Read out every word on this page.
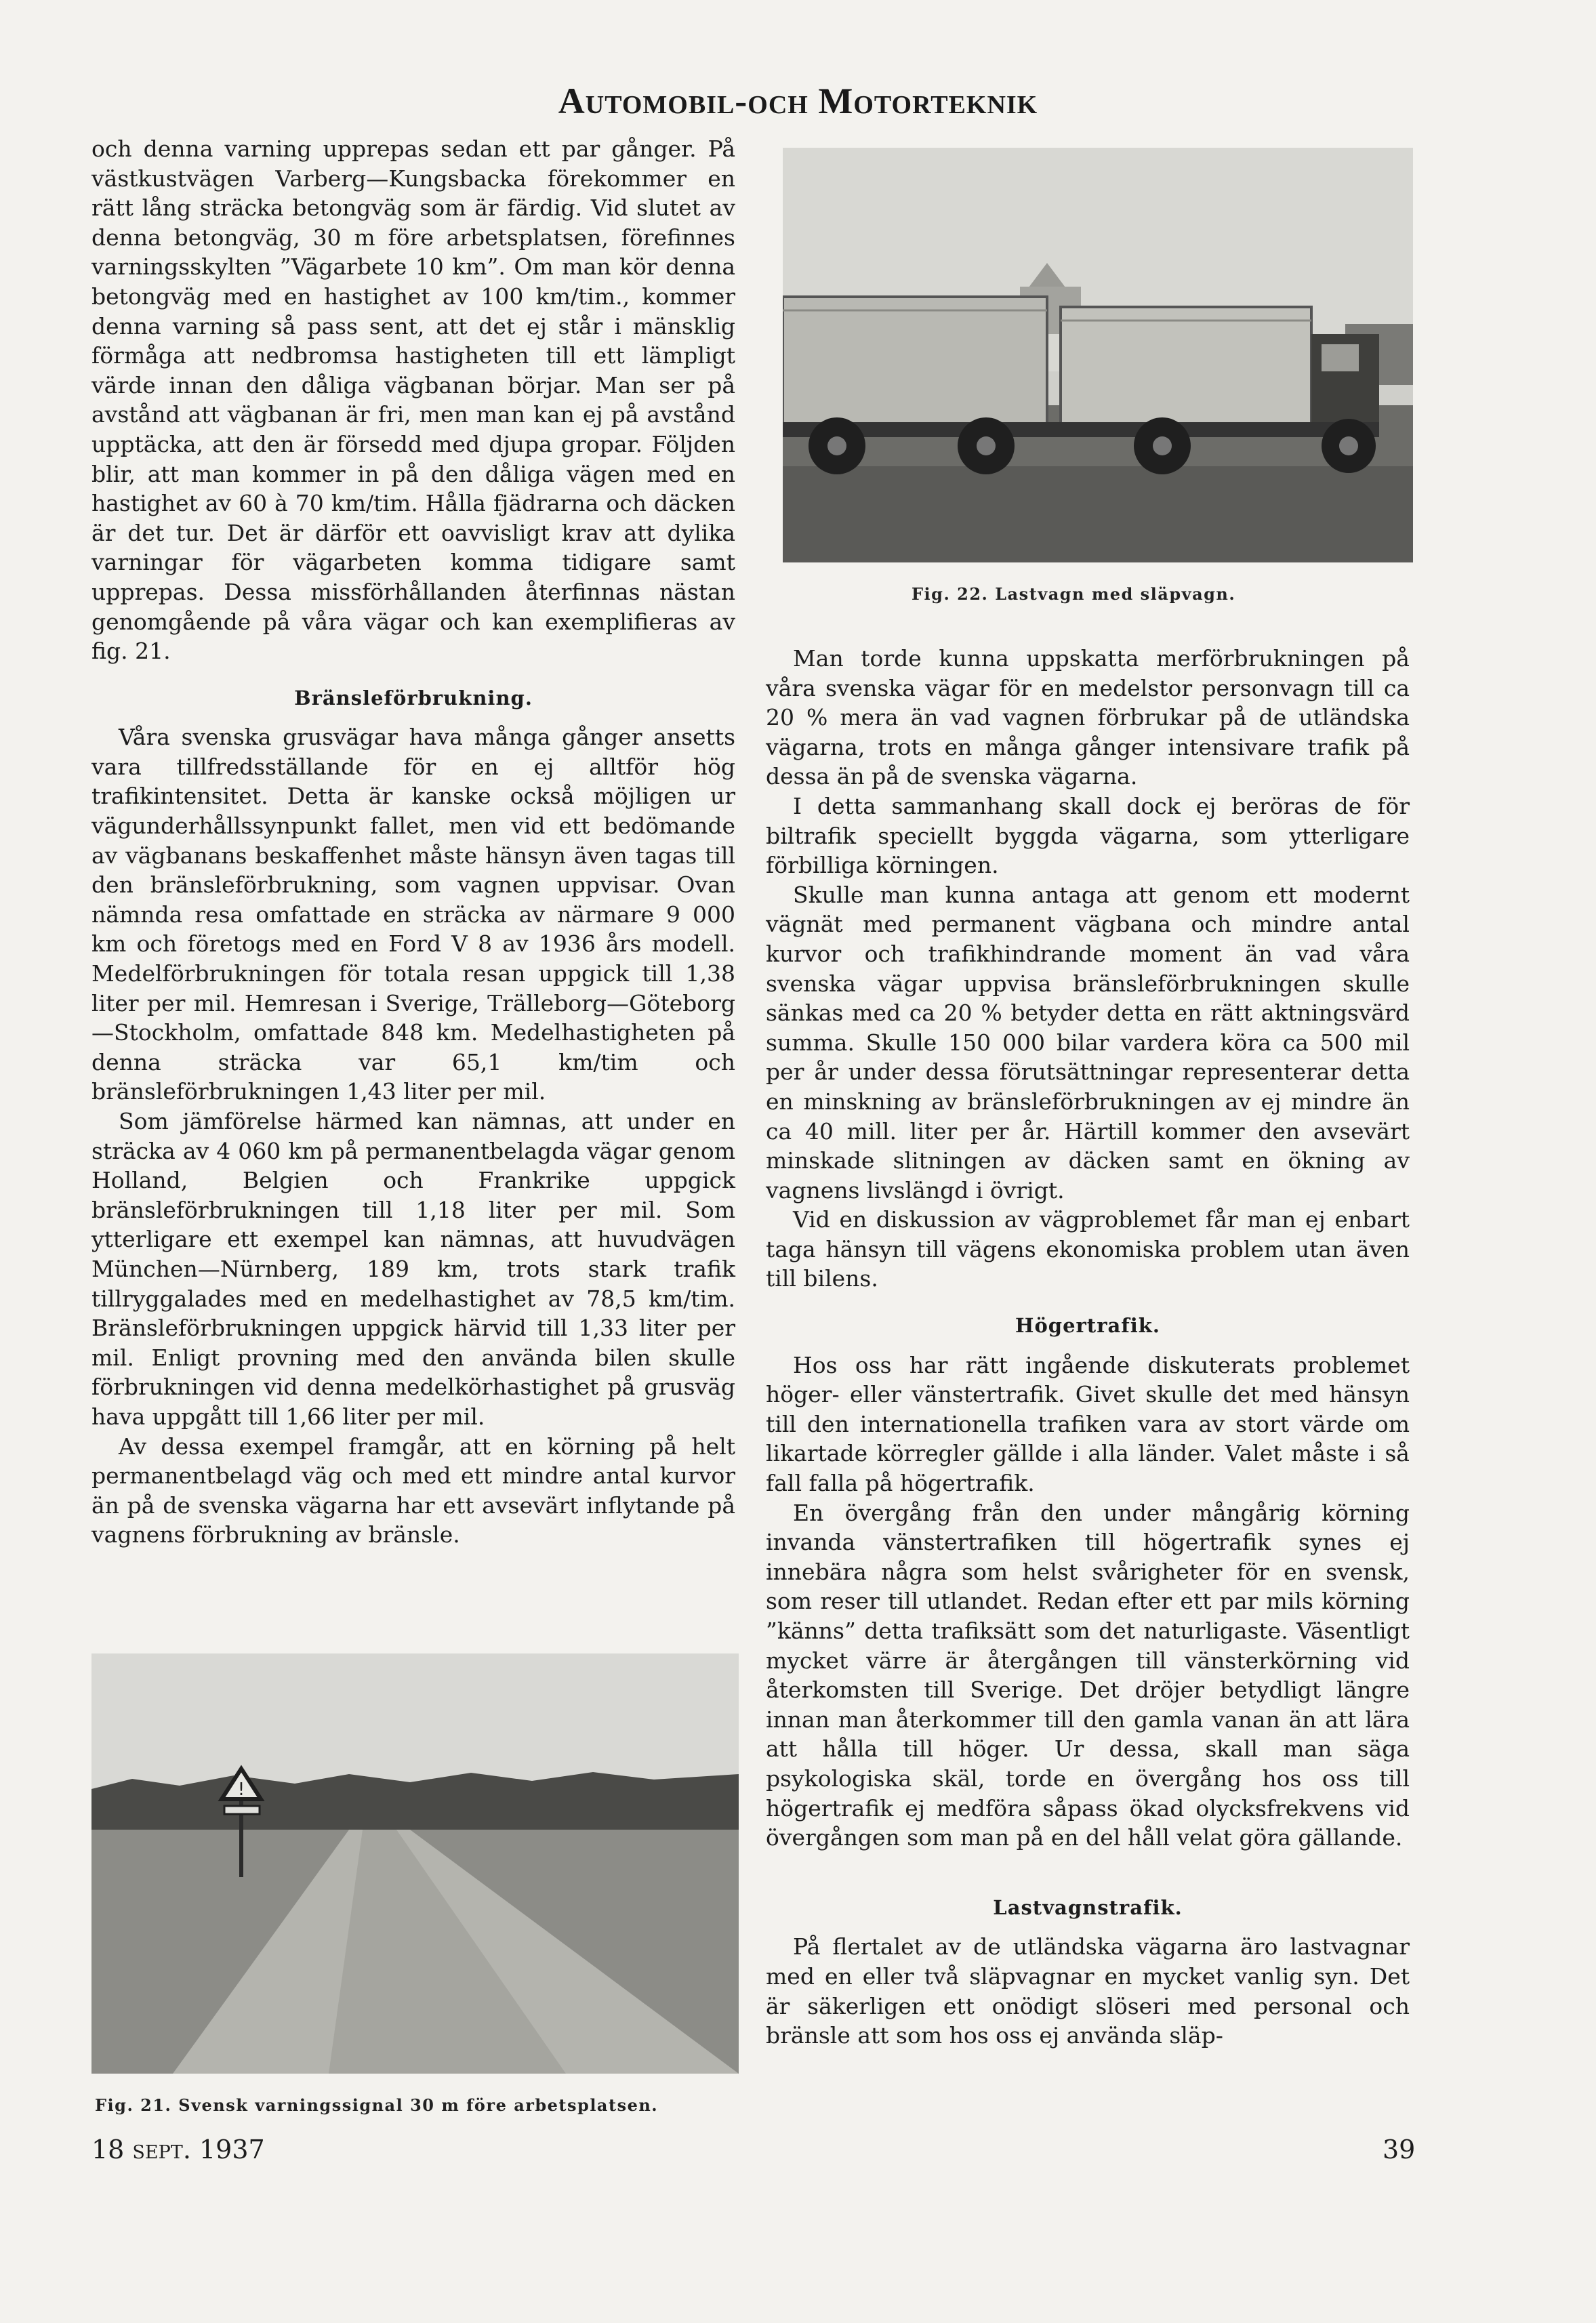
Automobil-och Motorteknik

och denna varning upprepas sedan ett par gånger. På västkustvägen Varberg—Kungsbacka förekommer en rätt lång sträcka betongväg som är färdig. Vid slutet av denna betongväg, 30 m före arbetsplatsen, förefinnes varningsskylten ”Vägarbete 10 km”. Om man kör denna betongväg med en hastighet av 100 km/tim., kommer denna varning så pass sent, att det ej står i mänsklig förmåga att nedbromsa hastigheten till ett lämpligt värde innan den dåliga vägbanan börjar. Man ser på avstånd att vägbanan är fri, men man kan ej på avstånd upptäcka, att den är försedd med djupa gropar. Följden blir, att man kommer in på den dåliga vägen med en hastighet av 60 à 70 km/tim. Hålla fjädrarna och däcken är det tur. Det är därför ett oavvisligt krav att dylika varningar för vägarbeten komma tidigare samt upprepas. Dessa missförhållanden återfinnas nästan genomgående på våra vägar och kan exemplifieras av fig. 21.

Bränsleförbrukning.

Våra svenska grusvägar hava många gånger ansetts vara tillfredsställande för en ej alltför hög trafikintensitet. Detta är kanske också möjligen ur vägunderhållssynpunkt fallet, men vid ett bedömande av vägbanans beskaffenhet måste hänsyn även tagas till den bränsleförbrukning, som vagnen uppvisar. Ovan nämnda resa omfattade en sträcka av närmare 9 000 km och företogs med en Ford V 8 av 1936 års modell. Medelförbrukningen för totala resan uppgick till 1,38 liter per mil. Hemresan i Sverige, Trälleborg—Göteborg—Stockholm, omfattade 848 km. Medelhastigheten på denna sträcka var 65,1 km/tim och bränsleförbrukningen 1,43 liter per mil.

Som jämförelse härmed kan nämnas, att under en sträcka av 4 060 km på permanentbelagda vägar genom Holland, Belgien och Frankrike uppgick bränsleförbrukningen till 1,18 liter per mil. Som ytterligare ett exempel kan nämnas, att huvudvägen München—Nürnberg, 189 km, trots stark trafik tillryggalades med en medelhastighet av 78,5 km/tim. Bränsleförbrukningen uppgick härvid till 1,33 liter per mil. Enligt provning med den använda bilen skulle förbrukningen vid denna medelkörhastighet på grusväg hava uppgått till 1,66 liter per mil.

Av dessa exempel framgår, att en körning på helt permanentbelagd väg och med ett mindre antal kurvor än på de svenska vägarna har ett avsevärt inflytande på vagnens förbrukning av bränsle.

Fig. 22. Lastvagn med släpvagn.

Man torde kunna uppskatta merförbrukningen på våra svenska vägar för en medelstor personvagn till ca 20 % mera än vad vagnen förbrukar på de utländska vägarna, trots en många gånger intensivare trafik på dessa än på de svenska vägarna.

I detta sammanhang skall dock ej beröras de för biltrafik speciellt byggda vägarna, som ytterligare förbilliga körningen.

Skulle man kunna antaga att genom ett modernt vägnät med permanent vägbana och mindre antal kurvor och trafikhindrande moment än vad våra svenska vägar uppvisa bränsleförbrukningen skulle sänkas med ca 20 % betyder detta en rätt aktningsvärd summa. Skulle 150 000 bilar vardera köra ca 500 mil per år under dessa förutsättningar representerar detta en minskning av bränsleförbrukningen av ej mindre än ca 40 mill. liter per år. Härtill kommer den avsevärt minskade slitningen av däcken samt en ökning av vagnens livslängd i övrigt.

Vid en diskussion av vägproblemet får man ej enbart taga hänsyn till vägens ekonomiska problem utan även till bilens.

Högertrafik.

Hos oss har rätt ingående diskuterats problemet höger- eller vänstertrafik. Givet skulle det med hänsyn till den internationella trafiken vara av stort värde om likartade körregler gällde i alla länder. Valet måste i så fall falla på högertrafik.

En övergång från den under mångårig körning invanda vänstertrafiken till högertrafik synes ej innebära några som helst svårigheter för en svensk, som reser till utlandet. Redan efter ett par mils körning ”känns” detta trafiksätt som det naturligaste. Väsentligt mycket värre är återgången till vänsterkörning vid återkomsten till Sverige. Det dröjer betydligt längre innan man återkommer till den gamla vanan än att lära att hålla till höger. Ur dessa, skall man säga psykologiska skäl, torde en övergång hos oss till högertrafik ej medföra såpass ökad olycksfrekvens vid övergången som man på en del håll velat göra gällande.

Lastvagnstrafik.

På flertalet av de utländska vägarna äro lastvagnar med en eller två släpvagnar en mycket vanlig syn. Det är säkerligen ett onödigt slöseri med personal och bränsle att som hos oss ej använda släp-

!
Fig. 21. Svensk varningssignal 30 m före arbetsplatsen.
18 sept. 1937	39
